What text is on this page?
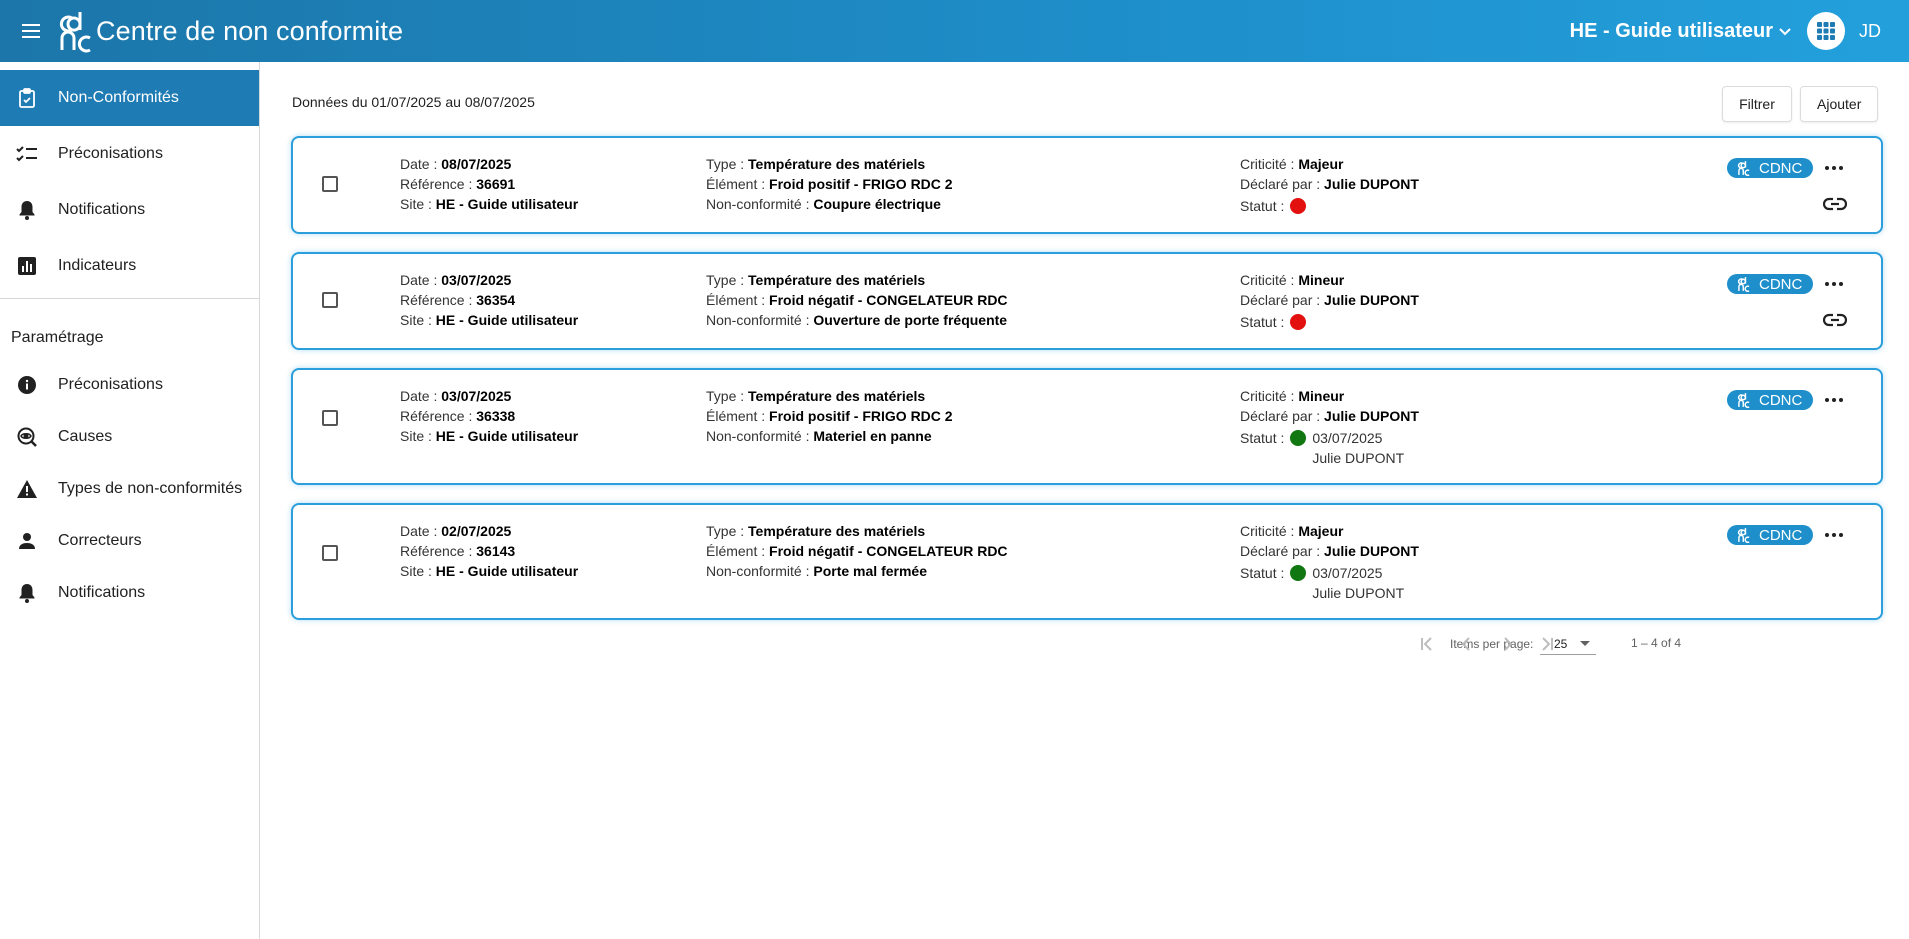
Centre de non conformite	HE - Guide utilisateur	JD
Non-Conformités
Préconisations
Notifications
Indicateurs
Paramétrage
Préconisations
Causes
Types de non-conformités
Correcteurs
Notifications
Données du 01/07/2025 au 08/07/2025	Filtrer	Ajouter
Date : 08/07/2025
Référence : 36691
Site : HE - Guide utilisateur
Type : Température des matériels
Élément : Froid positif - FRIGO RDC 2
Non-conformité : Coupure électrique
Criticité : Majeur
Déclaré par : Julie DUPONT
Statut :
CDNC
Date : 03/07/2025
Référence : 36354
Site : HE - Guide utilisateur
Type : Température des matériels
Élément : Froid négatif - CONGELATEUR RDC
Non-conformité : Ouverture de porte fréquente
Criticité : Mineur
Déclaré par : Julie DUPONT
Statut :
CDNC
Date : 03/07/2025
Référence : 36338
Site : HE - Guide utilisateur
Type : Température des matériels
Élément : Froid positif - FRIGO RDC 2
Non-conformité : Materiel en panne
Criticité : Mineur
Déclaré par : Julie DUPONT
Statut : 03/07/2025
Julie DUPONT
CDNC
Date : 02/07/2025
Référence : 36143
Site : HE - Guide utilisateur
Type : Température des matériels
Élément : Froid négatif - CONGELATEUR RDC
Non-conformité : Porte mal fermée
Criticité : Majeur
Déclaré par : Julie DUPONT
Statut : 03/07/2025
Julie DUPONT
CDNC
Items per page: 25	1 – 4 of 4
